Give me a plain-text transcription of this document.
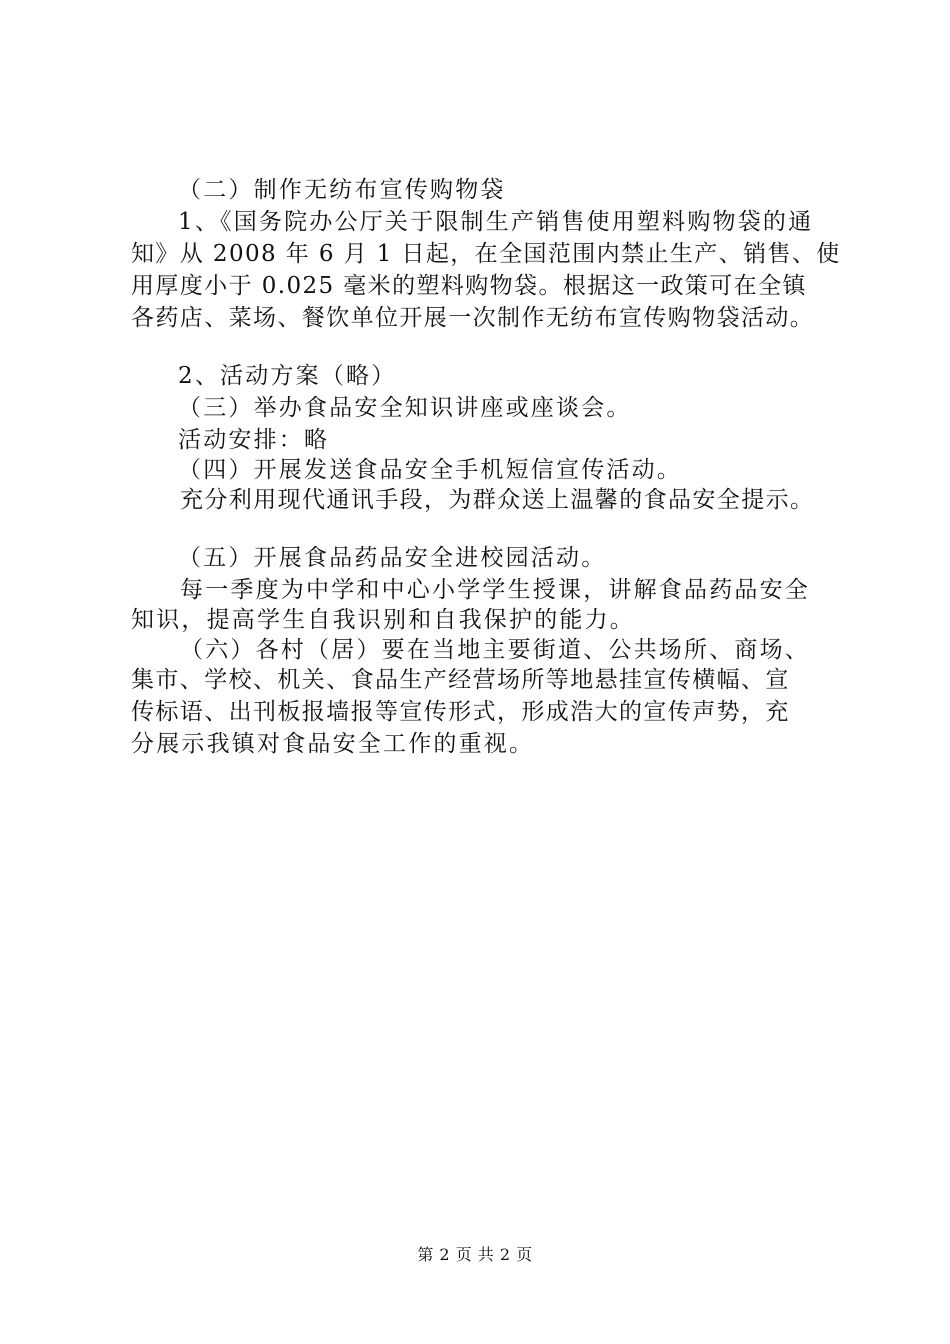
（二）制作无纺布宣传购物袋
1、《国务院办公厅关于限制生产销售使用塑料购物袋的通
知》从 2008 年 6 月 1 日起，在全国范围内禁止生产、销售、使
用厚度小于 0.025 毫米的塑料购物袋。根据这一政策可在全镇
各药店、菜场、餐饮单位开展一次制作无纺布宣传购物袋活动。
2、活动方案（略）
（三）举办食品安全知识讲座或座谈会。
活动安排：略
（四）开展发送食品安全手机短信宣传活动。
充分利用现代通讯手段，为群众送上温馨的食品安全提示。
（五）开展食品药品安全进校园活动。
每一季度为中学和中心小学学生授课，讲解食品药品安全
知识，提高学生自我识别和自我保护的能力。
（六）各村（居）要在当地主要街道、公共场所、商场、
集市、学校、机关、食品生产经营场所等地悬挂宣传横幅、宣
传标语、出刊板报墙报等宣传形式，形成浩大的宣传声势，充
分展示我镇对食品安全工作的重视。
第 2 页 共 2 页
